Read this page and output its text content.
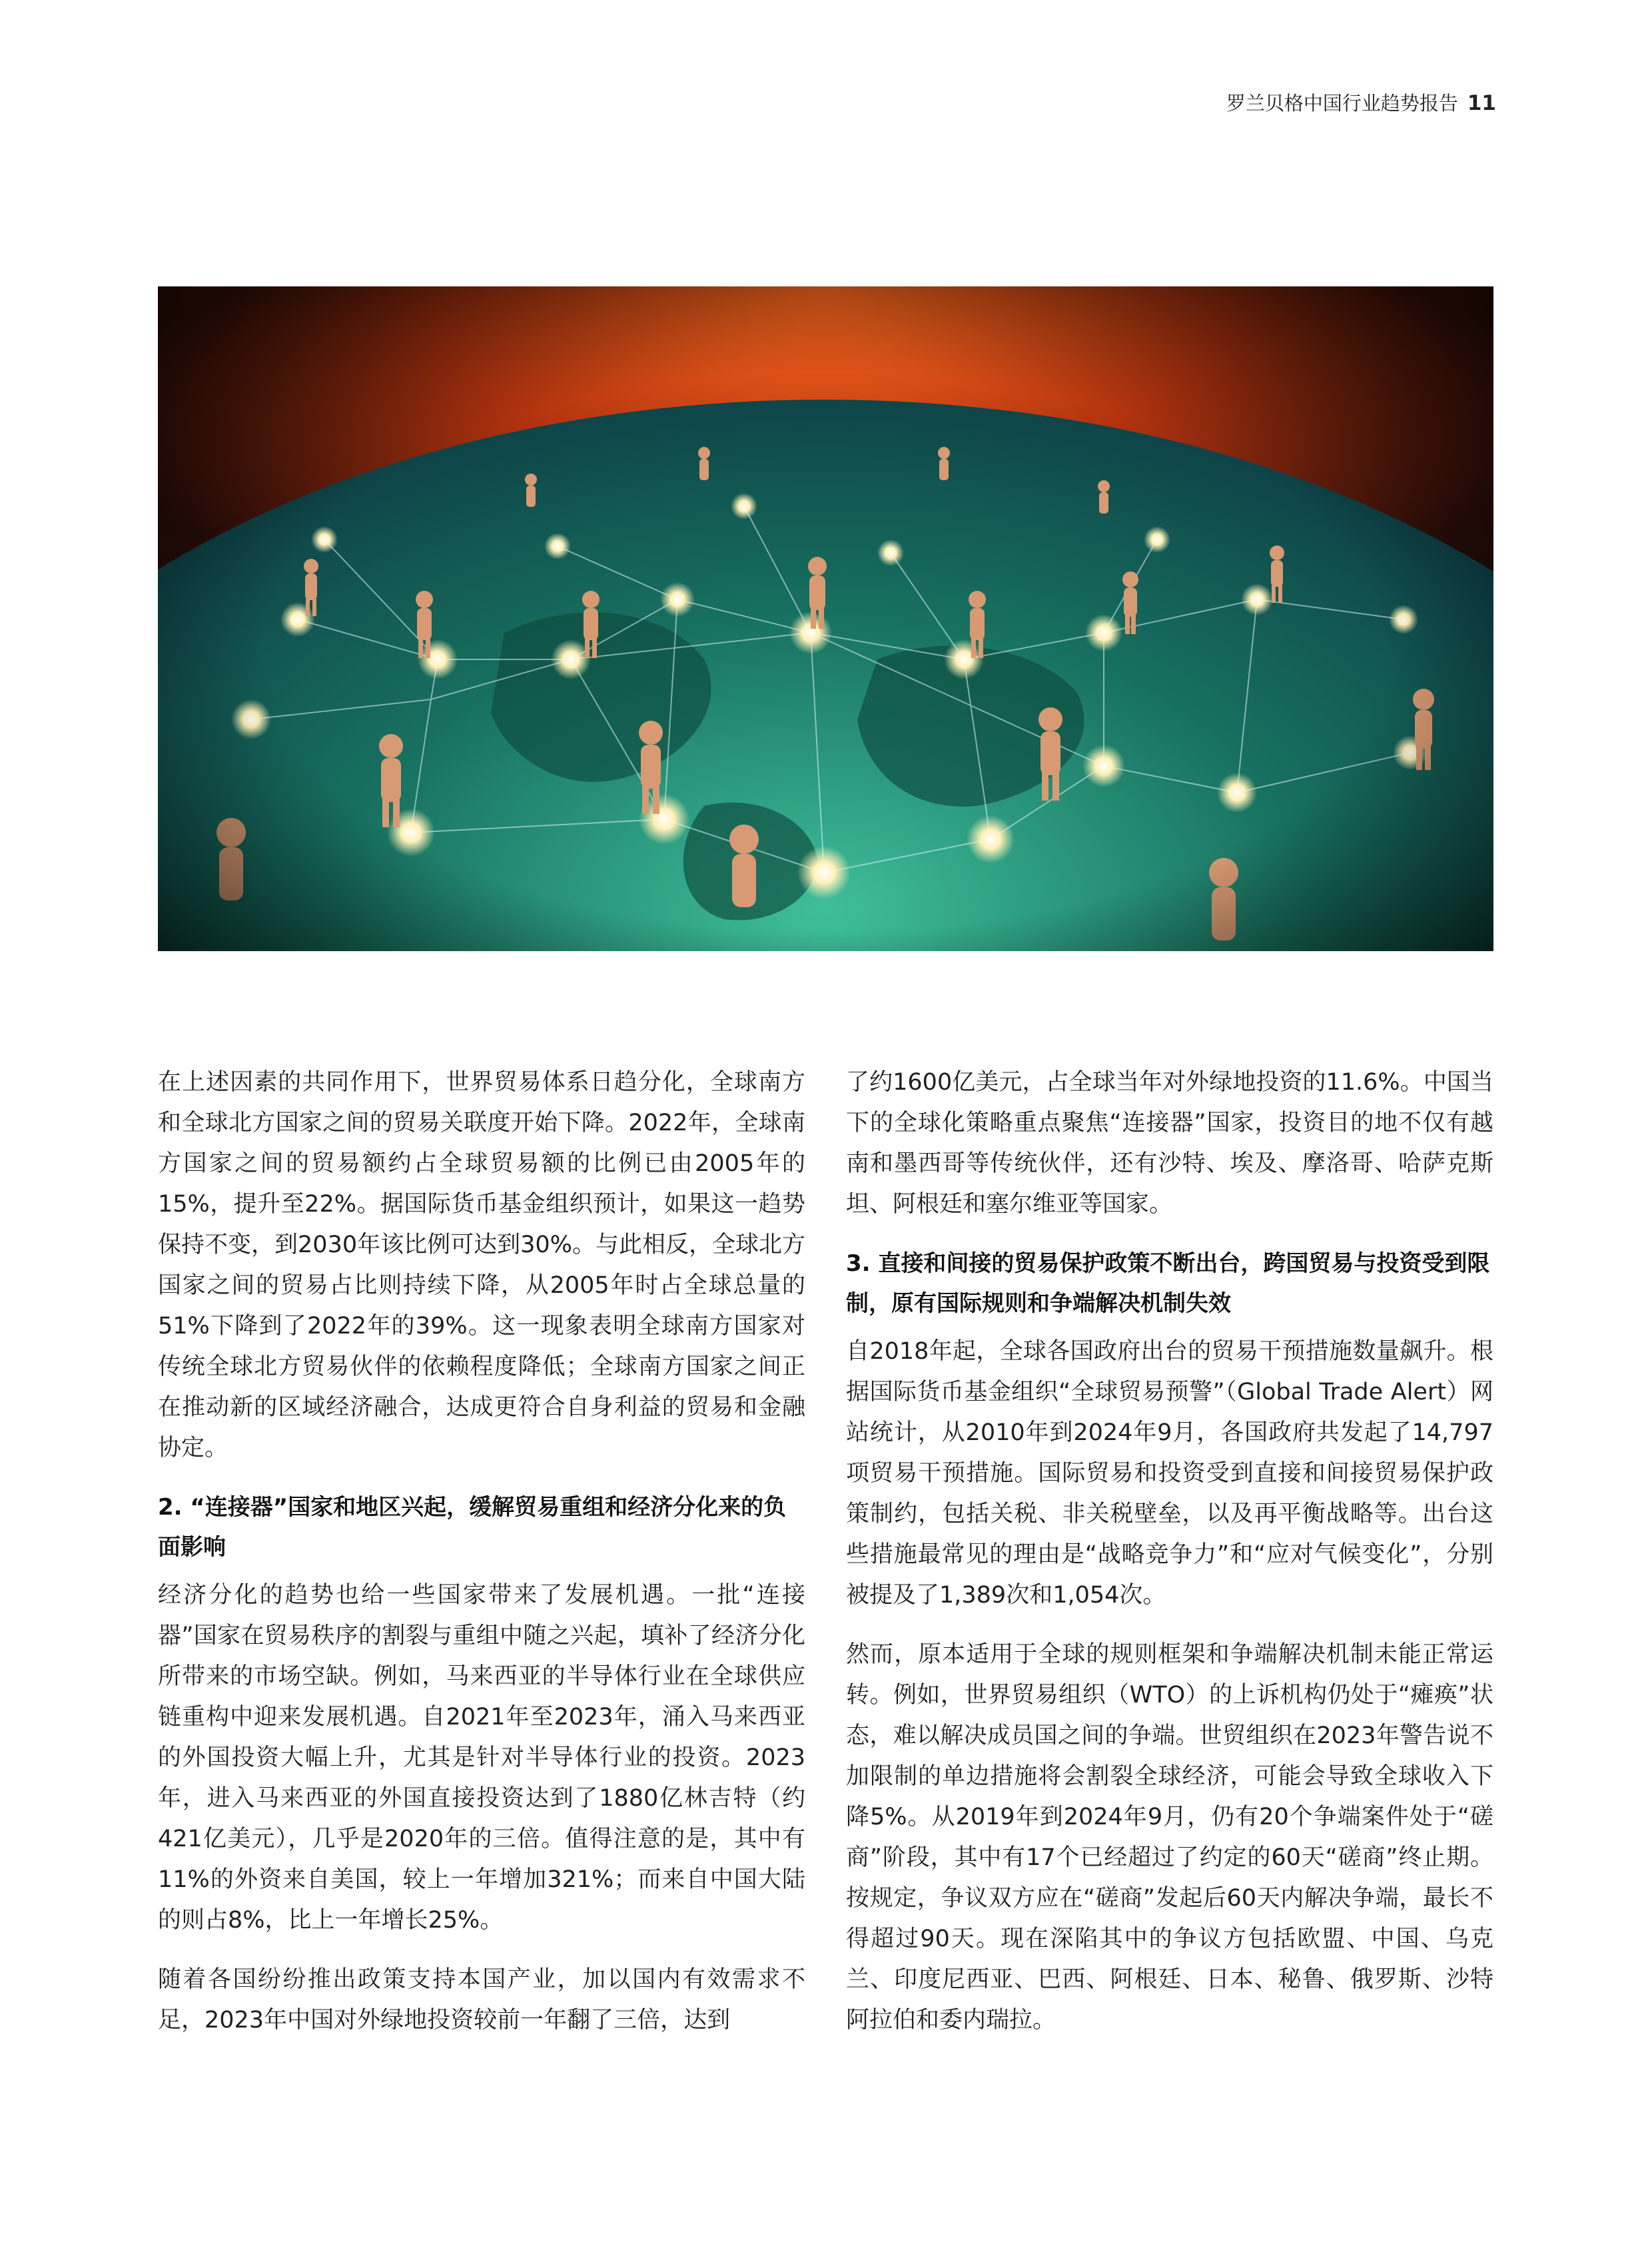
罗兰贝格中国行业趋势报告 11

在上述因素的共同作用下，世界贸易体系日趋分化，全球南方和全球北方国家之间的贸易关联度开始下降。2022年，全球南方国家之间的贸易额约占全球贸易额的比例已由2005年的15%，提升至22%。据国际货币基金组织预计，如果这一趋势保持不变，到2030年该比例可达到30%。与此相反，全球北方国家之间的贸易占比则持续下降，从2005年时占全球总量的51%下降到了2022年的39%。这一现象表明全球南方国家对传统全球北方贸易伙伴的依赖程度降低；全球南方国家之间正在推动新的区域经济融合，达成更符合自身利益的贸易和金融协定。

2. “连接器”国家和地区兴起，缓解贸易重组和经济分化来的负面影响

经济分化的趋势也给一些国家带来了发展机遇。一批“连接器”国家在贸易秩序的割裂与重组中随之兴起，填补了经济分化所带来的市场空缺。例如，马来西亚的半导体行业在全球供应链重构中迎来发展机遇。自2021年至2023年，涌入马来西亚的外国投资大幅上升，尤其是针对半导体行业的投资。2023年，进入马来西亚的外国直接投资达到了1880亿林吉特（约421亿美元），几乎是2020年的三倍。值得注意的是，其中有11%的外资来自美国，较上一年增加321%；而来自中国大陆的则占8%，比上一年增长25%。

随着各国纷纷推出政策支持本国产业，加以国内有效需求不足，2023年中国对外绿地投资较前一年翻了三倍，达到

了约1600亿美元，占全球当年对外绿地投资的11.6%。中国当下的全球化策略重点聚焦“连接器”国家，投资目的地不仅有越南和墨西哥等传统伙伴，还有沙特、埃及、摩洛哥、哈萨克斯坦、阿根廷和塞尔维亚等国家。

3. 直接和间接的贸易保护政策不断出台，跨国贸易与投资受到限制，原有国际规则和争端解决机制失效

自2018年起，全球各国政府出台的贸易干预措施数量飙升。根据国际货币基金组织“全球贸易预警”（Global Trade Alert）网站统计，从2010年到2024年9月，各国政府共发起了14,797项贸易干预措施。国际贸易和投资受到直接和间接贸易保护政策制约，包括关税、非关税壁垒，以及再平衡战略等。出台这些措施最常见的理由是“战略竞争力”和“应对气候变化”，分别被提及了1,389次和1,054次。

然而，原本适用于全球的规则框架和争端解决机制未能正常运转。例如，世界贸易组织（WTO）的上诉机构仍处于“瘫痪”状态，难以解决成员国之间的争端。世贸组织在2023年警告说不加限制的单边措施将会割裂全球经济，可能会导致全球收入下降5%。从2019年到2024年9月，仍有20个争端案件处于“磋商”阶段，其中有17个已经超过了约定的60天“磋商”终止期。按规定，争议双方应在“磋商”发起后60天内解决争端，最长不得超过90天。现在深陷其中的争议方包括欧盟、中国、乌克兰、印度尼西亚、巴西、阿根廷、日本、秘鲁、俄罗斯、沙特阿拉伯和委内瑞拉。
